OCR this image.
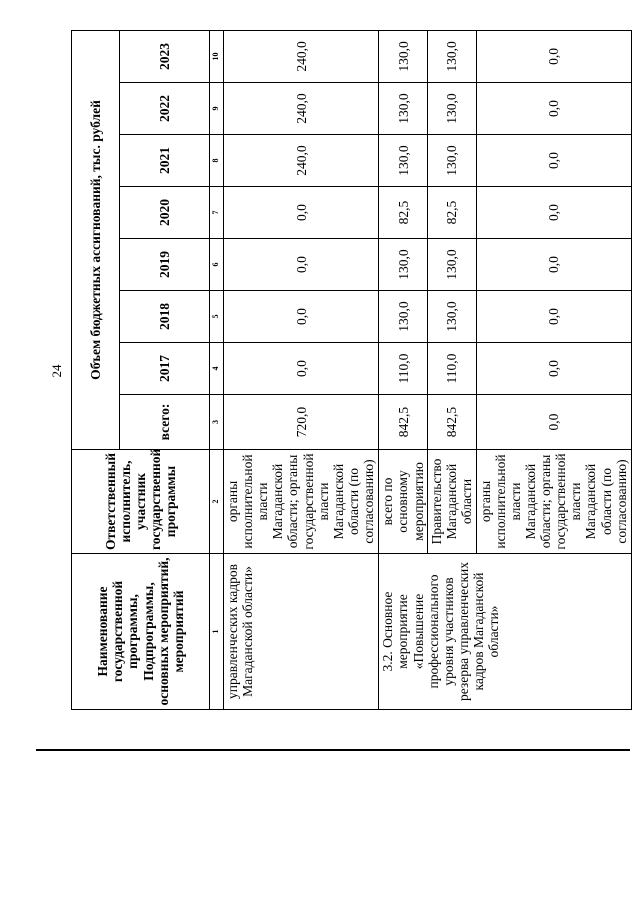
24
Наименование государственной программы, Подпрограммы, основных мероприятий, мероприятий	Ответственный исполнитель, участник государственной программы	Объем бюджетных ассигнований, тыс. рублей							
		всего:	2017	2018	2019	2020	2021	2022	2023
1	2	3	4	5	6	7	8	9	10
управленческих кадров Магаданской области»	органы исполнительной власти Магаданской области; органы государственной власти Магаданской области (по согласованию)	720,0	0,0	0,0	0,0	0,0	240,0	240,0	240,0
3.2. Основное мероприятие «Повышение профессионального уровня участников резерва управленческих кадров Магаданской области»	всего по основному мероприятию	842,5	110,0	130,0	130,0	82,5	130,0	130,0	130,0
	Правительство Магаданской области	842,5	110,0	130,0	130,0	82,5	130,0	130,0	130,0
	органы исполнительной власти Магаданской области; органы государственной власти Магаданской области (по согласованию)	0,0	0,0	0,0	0,0	0,0	0,0	0,0	0,0
